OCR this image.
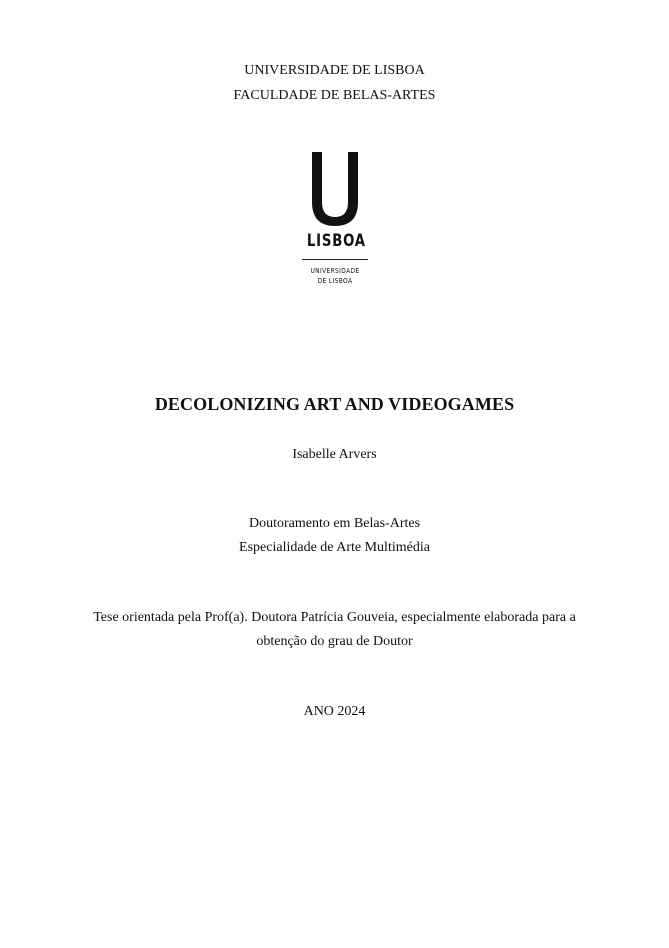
UNIVERSIDADE DE LISBOA
FACULDADE DE BELAS-ARTES
LISBOA
UNIVERSIDADE
DE LISBOA
DECOLONIZING ART AND VIDEOGAMES
Isabelle Arvers
Doutoramento em Belas-Artes
Especialidade de Arte Multimédia
Tese orientada pela Prof(a). Doutora Patrícia Gouveia, especialmente elaborada para a
obtenção do grau de Doutor
ANO 2024
